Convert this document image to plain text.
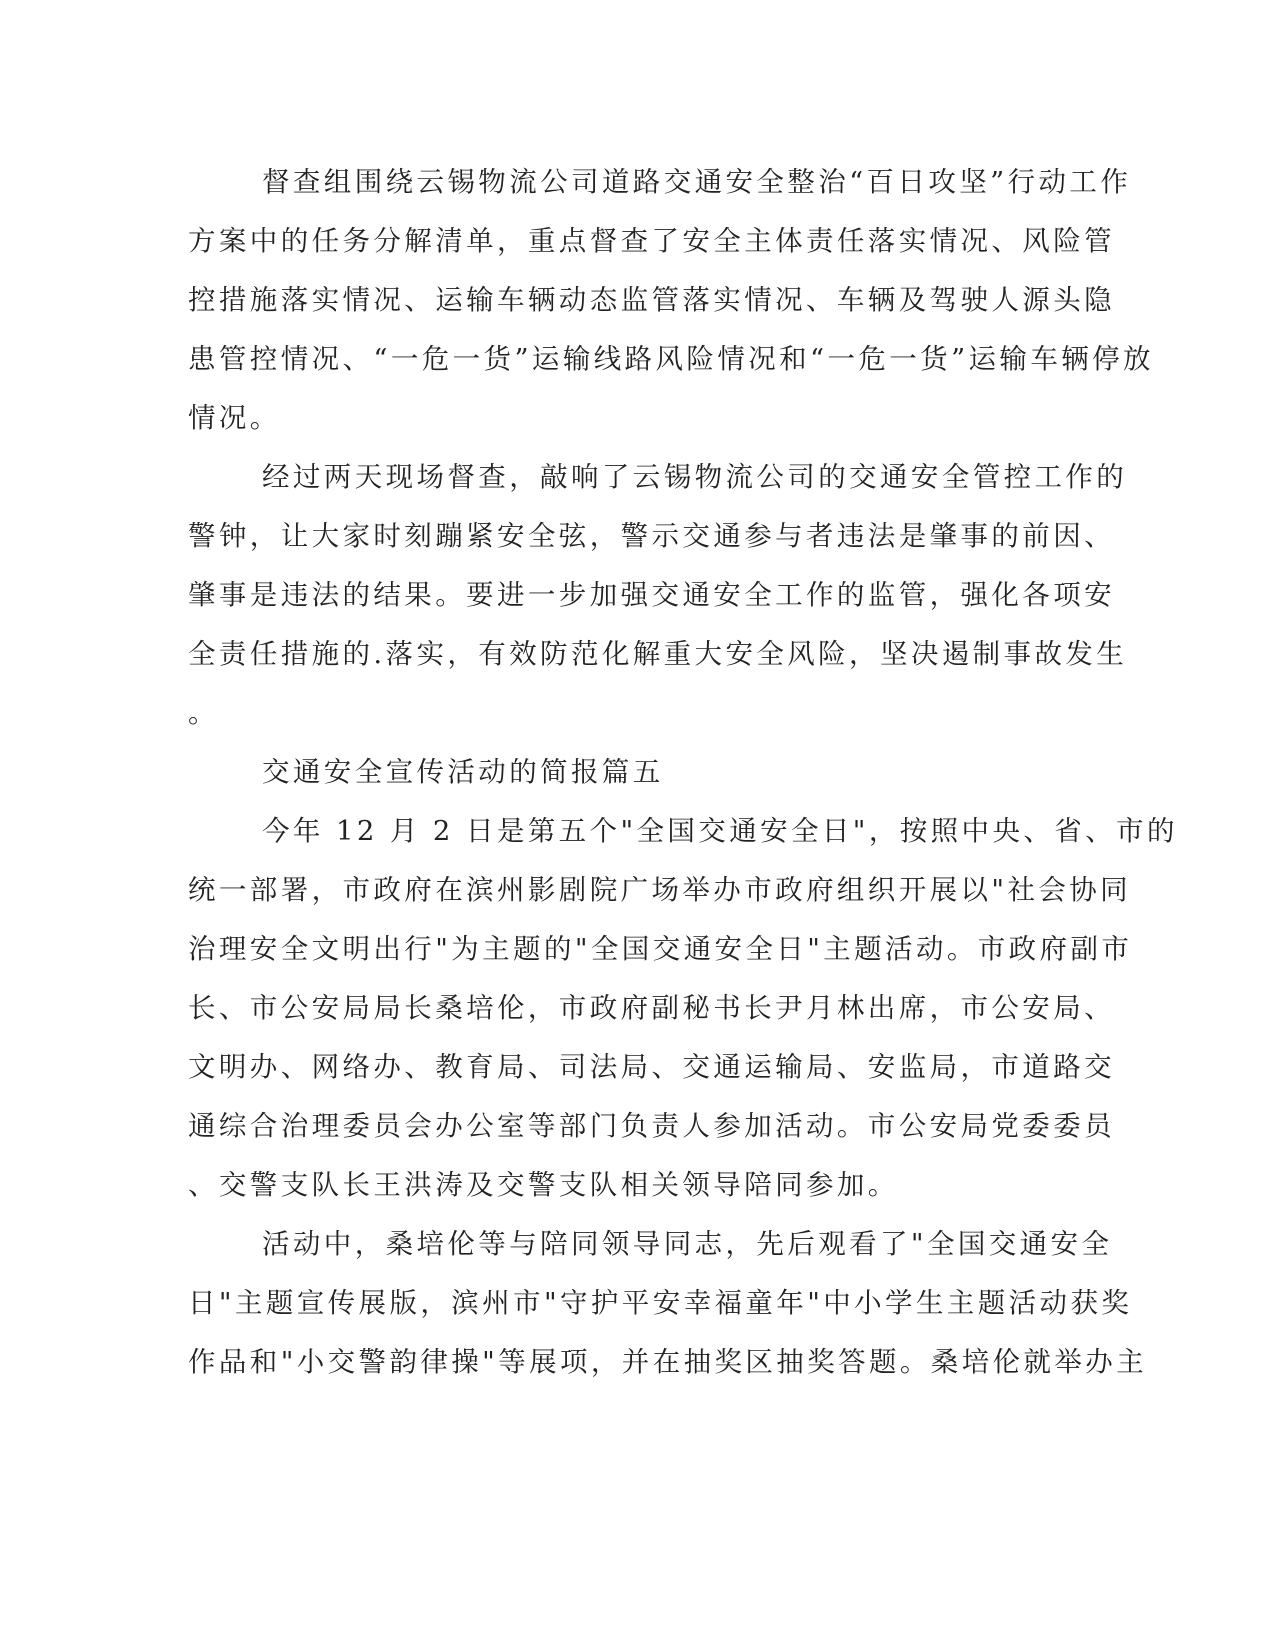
督查组围绕云锡物流公司道路交通安全整治“百日攻坚”行动工作
方案中的任务分解清单，重点督查了安全主体责任落实情况、风险管
控措施落实情况、运输车辆动态监管落实情况、车辆及驾驶人源头隐
患管控情况、“一危一货”运输线路风险情况和“一危一货”运输车辆停放
情况。
经过两天现场督查，敲响了云锡物流公司的交通安全管控工作的
警钟，让大家时刻蹦紧安全弦，警示交通参与者违法是肇事的前因、
肇事是违法的结果。要进一步加强交通安全工作的监管，强化各项安
全责任措施的.落实，有效防范化解重大安全风险，坚决遏制事故发生
。
交通安全宣传活动的简报篇五
今年 12 月 2 日是第五个"全国交通安全日"，按照中央、省、市的
统一部署，市政府在滨州影剧院广场举办市政府组织开展以"社会协同
治理安全文明出行"为主题的"全国交通安全日"主题活动。市政府副市
长、市公安局局长桑培伦，市政府副秘书长尹月林出席，市公安局、
文明办、网络办、教育局、司法局、交通运输局、安监局，市道路交
通综合治理委员会办公室等部门负责人参加活动。市公安局党委委员
、交警支队长王洪涛及交警支队相关领导陪同参加。
活动中，桑培伦等与陪同领导同志，先后观看了"全国交通安全
日"主题宣传展版，滨州市"守护平安幸福童年"中小学生主题活动获奖
作品和"小交警韵律操"等展项，并在抽奖区抽奖答题。桑培伦就举办主
